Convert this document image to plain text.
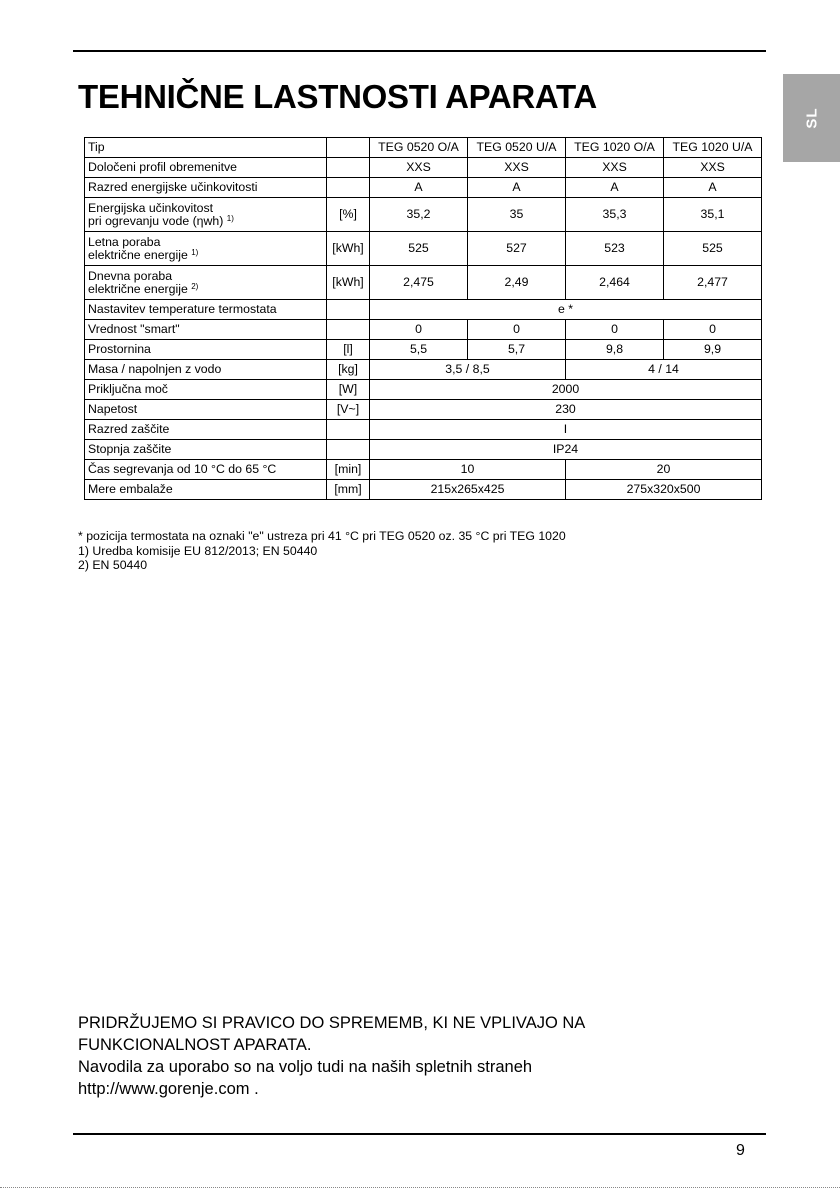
TEHNIČNE LASTNOSTI APARATA
SL
Tip		TEG 0520 O/A	TEG 0520 U/A	TEG 1020 O/A	TEG 1020 U/A
Določeni profil obremenitve		XXS	XXS	XXS	XXS
Razred energijske učinkovitosti		A	A	A	A
Energijska učinkovitost
pri ogrevanju vode (ηwh) $^{1)}$	[%]	35,2	35	35,3	35,1
Letna poraba
električne energije $^{1)}$	[kWh]	525	527	523	525
Dnevna poraba
električne energije $^{2)}$	[kWh]	2,475	2,49	2,464	2,477
Nastavitev temperature termostata		e *			
Vrednost "smart"		0	0	0	0
Prostornina	[l]	5,5	5,7	9,8	9,9
Masa / napolnjen z vodo	[kg]	3,5 / 8,5		4 / 14	
Priključna moč	[W]	2000			
Napetost	[V~]	230			
Razred zaščite		I			
Stopnja zaščite		IP24			
Čas segrevanja od 10 °C do 65 °C	[min]	10		20	
Mere embalaže	[mm]	215x265x425		275x320x500	
* pozicija termostata na oznaki "e" ustreza pri 41 °C pri TEG 0520 oz. 35 °C pri TEG 1020
1) Uredba komisije EU 812/2013; EN 50440
2) EN 50440
PRIDRŽUJEMO SI PRAVICO DO SPREMEMB, KI NE VPLIVAJO NA
FUNKCIONALNOST APARATA.
Navodila za uporabo so na voljo tudi na naših spletnih straneh
http://www.gorenje.com .
9
